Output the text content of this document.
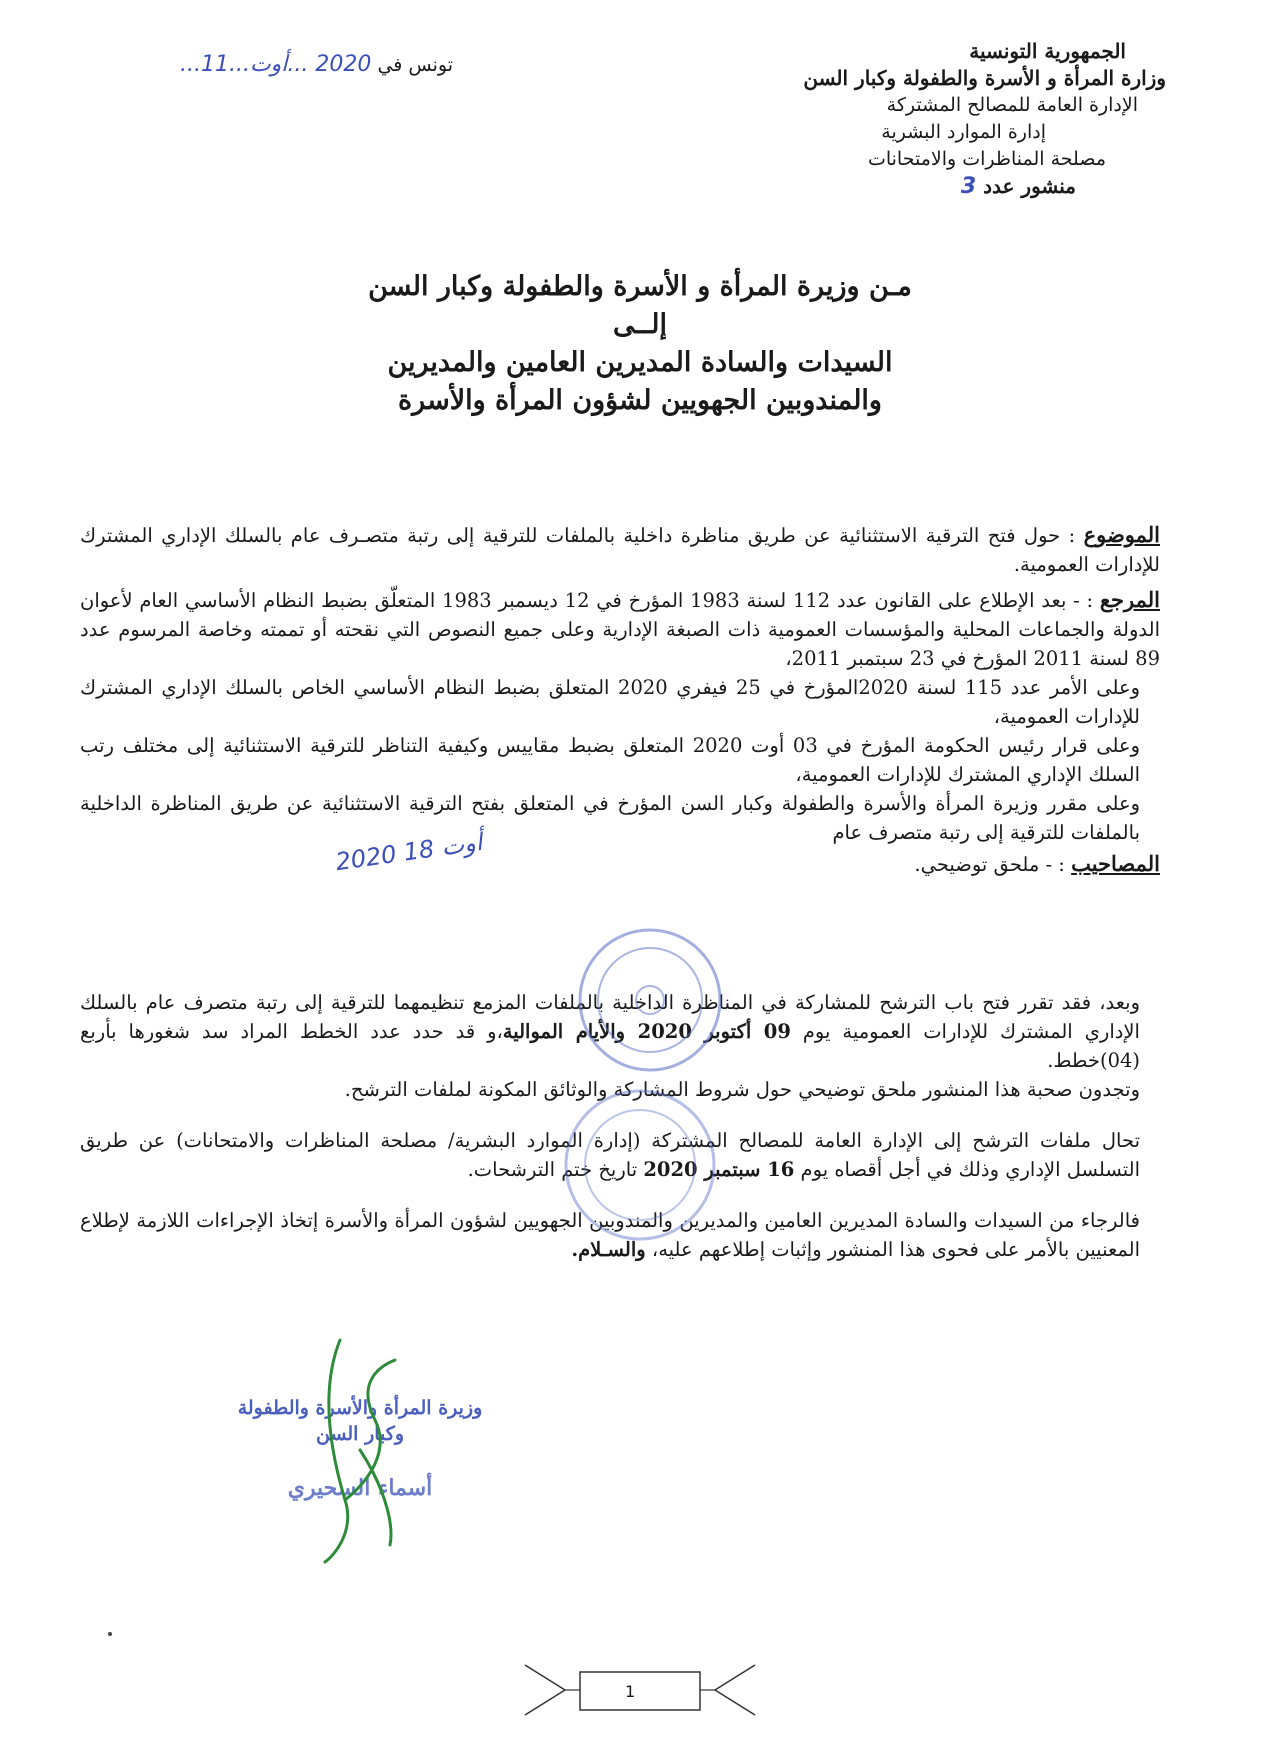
الجمهورية التونسية
وزارة المرأة و الأسرة والطفولة وكبار السن
الإدارة العامة للمصالح المشتركة
إدارة الموارد البشرية
مصلحة المناظرات والامتحانات
منشور عدد 3
تونس في 2020 ...أوت...11...
مـن وزيرة المرأة و الأسرة والطفولة وكبار السن
إلــى
السيدات والسادة المديرين العامين والمديرين
والمندوبين الجهويين لشؤون المرأة والأسرة

الموضوع : حول فتح الترقية الاستثنائية عن طريق مناظرة داخلية بالملفات للترقية إلى رتبة متصـرف عام بالسلك الإداري المشترك للإدارات العمومية.

المرجع : - بعد الإطلاع على القانون عدد 112 لسنة 1983 المؤرخ في 12 ديسمبر 1983 المتعلّق بضبط النظام الأساسي العام لأعوان الدولة والجماعات المحلية والمؤسسات العمومية ذات الصبغة الإدارية وعلى جميع النصوص التي نقحته أو تممته وخاصة المرسوم عدد 89 لسنة 2011 المؤرخ في 23 سبتمبر 2011،

وعلى الأمر عدد 115 لسنة 2020المؤرخ في 25 فيفري 2020 المتعلق بضبط النظام الأساسي الخاص بالسلك الإداري المشترك للإدارات العمومية،

وعلى قرار رئيس الحكومة المؤرخ في 03 أوت 2020 المتعلق بضبط مقاييس وكيفية التناظر للترقية الاستثنائية إلى مختلف رتب السلك الإداري المشترك للإدارات العمومية،

وعلى مقرر وزيرة المرأة والأسرة والطفولة وكبار السن المؤرخ في المتعلق بفتح الترقية الاستثنائية عن طريق المناظرة الداخلية بالملفات للترقية إلى رتبة متصرف عام

المصاحيب : - ملحق توضيحي.

2020 أوت 18

وبعد، فقد تقرر فتح باب الترشح للمشاركة في المناظرة الداخلية بالملفات المزمع تنظيمهما للترقية إلى رتبة متصرف عام بالسلك الإداري المشترك للإدارات العمومية يوم 09 أكتوبر 2020 والأيام الموالية،و قد حدد عدد الخطط المراد سد شغورها بأربع (04)خطط.

وتجدون صحبة هذا المنشور ملحق توضيحي حول شروط المشاركة والوثائق المكونة لملفات الترشح.

تحال ملفات الترشح إلى الإدارة العامة للمصالح المشتركة (إدارة الموارد البشرية/ مصلحة المناظرات والامتحانات) عن طريق التسلسل الإداري وذلك في أجل أقصاه يوم 16 سبتمبر 2020 تاريخ ختم الترشحات.

فالرجاء من السيدات والسادة المديرين العامين والمديرين والمندوبين الجهويين لشؤون المرأة والأسرة إتخاذ الإجراءات اللازمة لإطلاع المعنيين بالأمر على فحوى هذا المنشور وإثبات إطلاعهم عليه، والسـلام.

وزيرة المرأة والأسرة والطفولة
وكبار السن
أسماء السحيري
1
